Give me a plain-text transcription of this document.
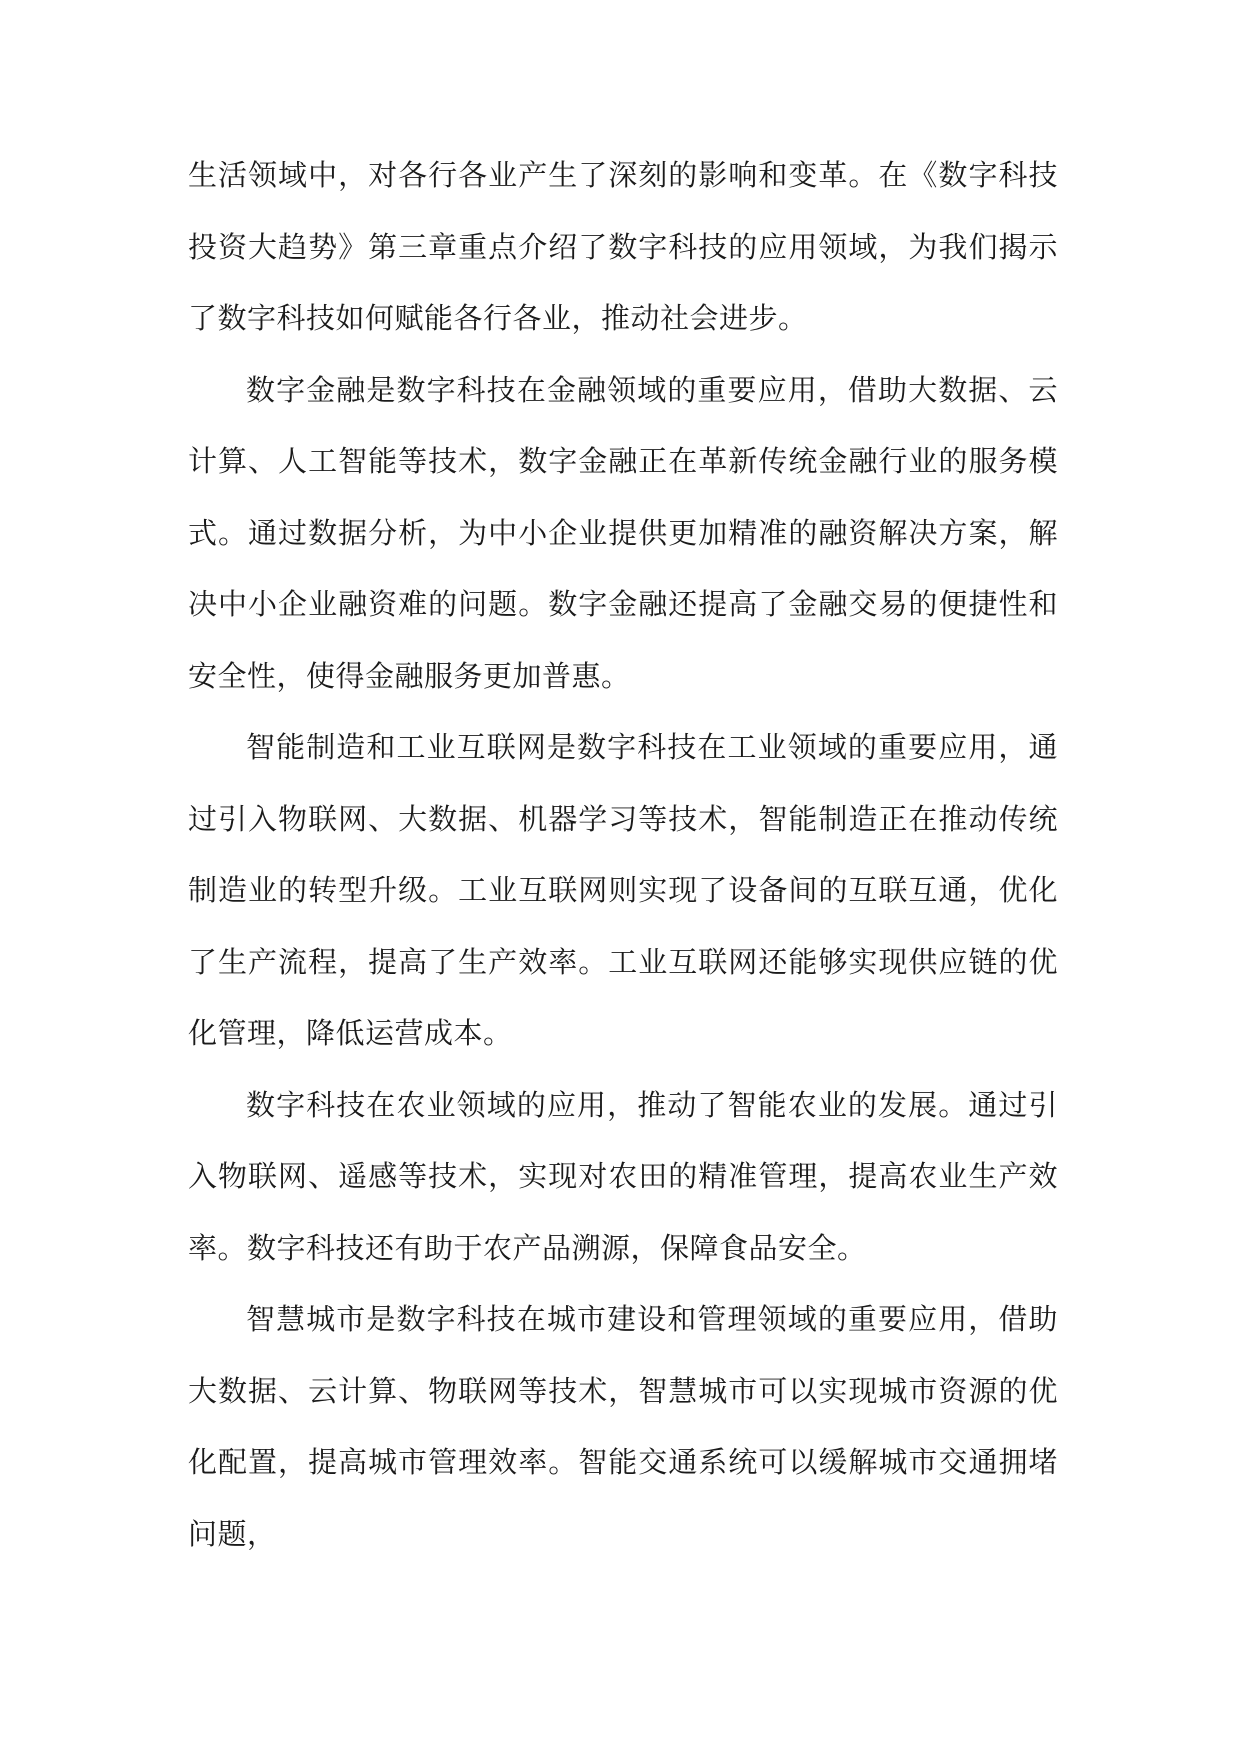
生活领域中，对各行各业产生了深刻的影响和变革。在《数字科技投资大趋势》第三章重点介绍了数字科技的应用领域，为我们揭示了数字科技如何赋能各行各业，推动社会进步。

数字金融是数字科技在金融领域的重要应用，借助大数据、云计算、人工智能等技术，数字金融正在革新传统金融行业的服务模式。通过数据分析，为中小企业提供更加精准的融资解决方案，解决中小企业融资难的问题。数字金融还提高了金融交易的便捷性和安全性，使得金融服务更加普惠。

智能制造和工业互联网是数字科技在工业领域的重要应用，通过引入物联网、大数据、机器学习等技术，智能制造正在推动传统制造业的转型升级。工业互联网则实现了设备间的互联互通，优化了生产流程，提高了生产效率。工业互联网还能够实现供应链的优化管理，降低运营成本。

数字科技在农业领域的应用，推动了智能农业的发展。通过引入物联网、遥感等技术，实现对农田的精准管理，提高农业生产效率。数字科技还有助于农产品溯源，保障食品安全。

智慧城市是数字科技在城市建设和管理领域的重要应用，借助大数据、云计算、物联网等技术，智慧城市可以实现城市资源的优化配置，提高城市管理效率。智能交通系统可以缓解城市交通拥堵问题，
